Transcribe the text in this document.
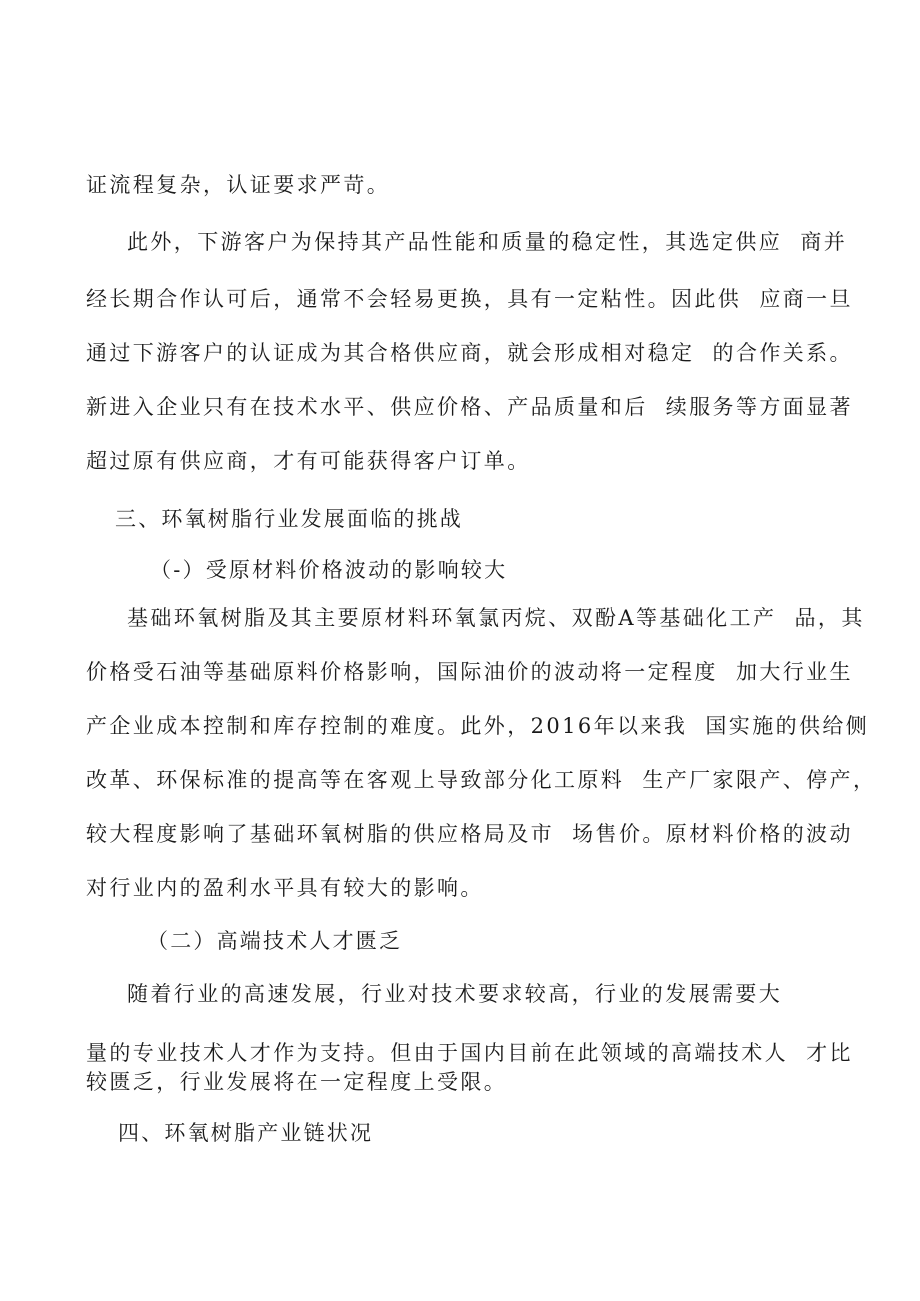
证流程复杂，认证要求严苛。
此外，下游客户为保持其产品性能和质量的稳定性，其选定供应  商并
经长期合作认可后，通常不会轻易更换，具有一定粘性。因此供  应商一旦
通过下游客户的认证成为其合格供应商，就会形成相对稳定  的合作关系。
新进入企业只有在技术水平、供应价格、产品质量和后  续服务等方面显著
超过原有供应商，才有可能获得客户订单。
三、环氧树脂行业发展面临的挑战
（-）受原材料价格波动的影响较大
基础环氧树脂及其主要原材料环氧氯丙烷、双酚A等基础化工产  品，其
价格受石油等基础原料价格影响，国际油价的波动将一定程度  加大行业生
产企业成本控制和库存控制的难度。此外，2016年以来我  国实施的供给侧
改革、环保标准的提高等在客观上导致部分化工原料  生产厂家限产、停产，
较大程度影响了基础环氧树脂的供应格局及市  场售价。原材料价格的波动
对行业内的盈利水平具有较大的影响。
（二）高端技术人才匮乏
随着行业的高速发展，行业对技术要求较高，行业的发展需要大
量的专业技术人才作为支持。但由于国内目前在此领域的高端技术人  才比
较匮乏，行业发展将在一定程度上受限。
四、环氧树脂产业链状况
